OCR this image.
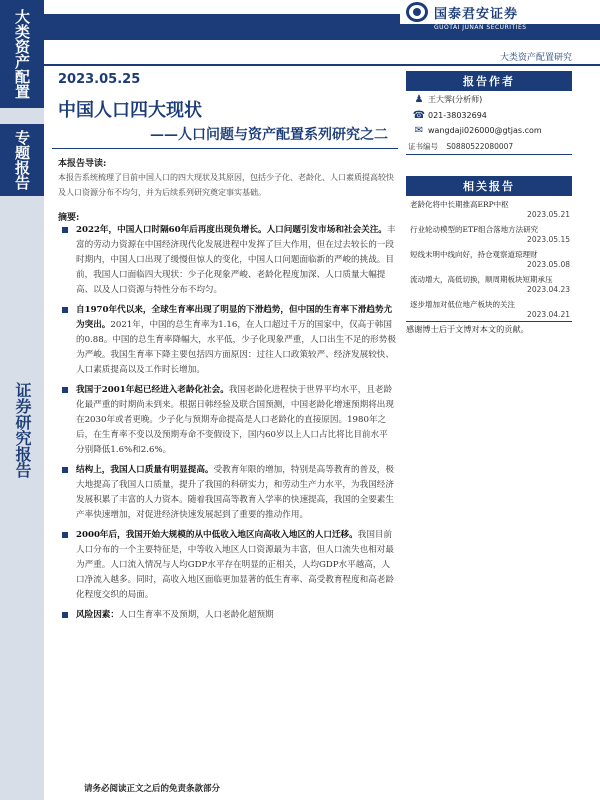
大类资产配置
专题报告
证券研究报告
国泰君安证券
GUOTAI JUNAN SECURITIES
大类资产配置研究
2023.05.25
中国人口四大现状
——人口问题与资产配置系列研究之二
本报告导读:
本报告系统梳理了目前中国人口的四大现状及其原因，包括少子化、老龄化、人口素质提高较快及人口资源分布不均匀，并为后续系列研究奠定事实基础。
摘要:
2022年，中国人口时隔60年后再度出现负增长。人口问题引发市场和社会关注。丰富的劳动力资源在中国经济现代化发展进程中发挥了巨大作用，但在过去较长的一段时期内，中国人口出现了缓慢但惊人的变化，中国人口问题面临新的严峻的挑战。目前，我国人口面临四大现状：少子化现象严峻、老龄化程度加深、人口质量大幅提高、以及人口资源与特性分布不均匀。
自1970年代以来，全球生育率出现了明显的下滑趋势，但中国的生育率下滑趋势尤为突出。2021年，中国的总生育率为1.16，在人口超过千万的国家中，仅高于韩国的0.88。中国的总生育率降幅大，水平低，少子化现象严重，人口出生不足的形势极为严峻。我国生育率下降主要包括四方面原因：过往人口政策较严、经济发展较快、人口素质提高以及工作时长增加。
我国于2001年起已经进入老龄化社会。我国老龄化进程快于世界平均水平，且老龄化最严重的时期尚未到来。根据日韩经验及联合国预测，中国老龄化增速预期将出现在2030年或者更晚。少子化与预期寿命提高是人口老龄化的直接原因。1980年之后，在生育率不变以及预期寿命不变假设下，国内60岁以上人口占比将比目前水平分别降低1.6%和2.6%。
结构上，我国人口质量有明显提高。受教育年限的增加，特别是高等教育的普及，极大地提高了我国人口质量，提升了我国的科研实力，和劳动生产力水平，为我国经济发展积累了丰富的人力资本。随着我国高等教育入学率的快速提高，我国的全要素生产率快速增加，对促进经济快速发展起到了重要的推动作用。
2000年后，我国开始大规模的从中低收入地区向高收入地区的人口迁移。我国目前人口分布的一个主要特征是，中等收入地区人口资源最为丰富，但人口流失也相对最为严重。人口流入情况与人均GDP水平存在明显的正相关，人均GDP水平越高，人口净流入越多。同时，高收入地区面临更加显著的低生育率、高受教育程度和高老龄化程度交织的局面。
风险因素：人口生育率不及预期，人口老龄化超预期
报告作者
♟ 王大霁(分析师)
☎ 021-38032694
✉ wangdaji026000@gtjas.com
证书编号 S0880522080007
相关报告
老龄化将中长期推高ERP中枢
2023.05.21
行业轮动模型的ETF组合落地方法研究
2023.05.15
短线未明中线向好，持仓观察道琼理财
2023.05.08
流动增大，高低切换，顺周期板块短期承压
2023.04.23
逐步增加对低位地产板块的关注
2023.04.21
感谢博士后于文博对本文的贡献。
请务必阅读正文之后的免责条款部分
